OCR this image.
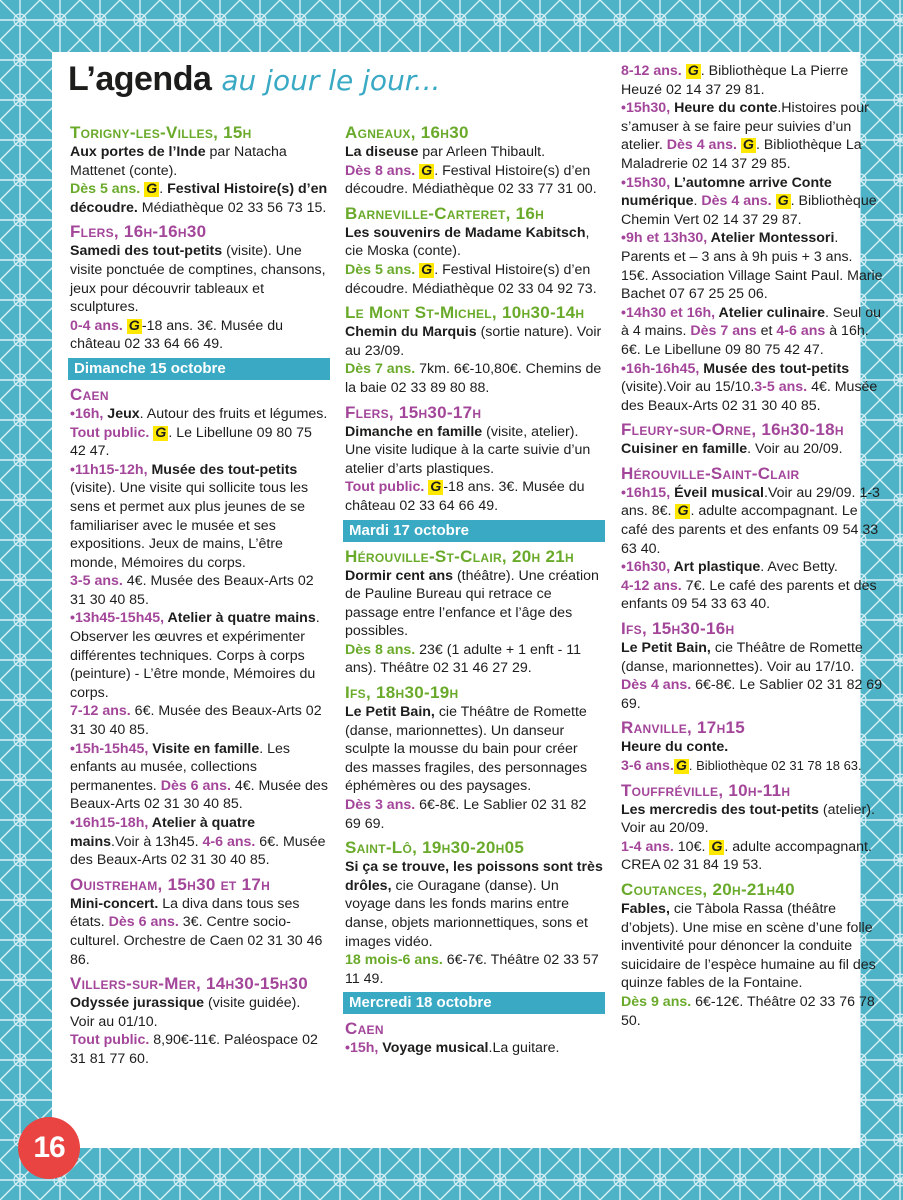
L’agenda au jour le jour...
Torigny-les-Villes, 15h
Aux portes de l’Inde par Natacha Mattenet (conte).
Dès 5 ans. G . Festival Histoire(s) d’en découdre. Médiathèque 02 33 56 73 15.
Flers, 16h-16h30
Samedi des tout-petits (visite). Une visite ponctuée de comptines, chansons, jeux pour découvrir tableaux et sculptures.
0-4 ans. G -18 ans. 3€. Musée du château 02 33 64 66 49.
Dimanche 15 octobre
Caen
•16h, Jeux. Autour des fruits et légumes. Tout public. G . Le Libellune 09 80 75 42 47.
•11h15-12h, Musée des tout-petits (visite). Une visite qui sollicite tous les sens et permet aux plus jeunes de se familiariser avec le musée et ses expositions. Jeux de mains, L’être monde, Mémoires du corps.
3-5 ans. 4€. Musée des Beaux-Arts 02 31 30 40 85.
•13h45-15h45, Atelier à quatre mains. Observer les œuvres et expérimenter différentes techniques. Corps à corps (peinture) - L’être monde, Mémoires du corps.
7-12 ans. 6€. Musée des Beaux-Arts 02 31 30 40 85.
•15h-15h45, Visite en famille. Les enfants au musée, collections permanentes. Dès 6 ans. 4€. Musée des Beaux-Arts 02 31 30 40 85.
•16h15-18h, Atelier à quatre mains.Voir à 13h45. 4-6 ans. 6€. Musée des Beaux-Arts 02 31 30 40 85.
Ouistreham, 15h30 et 17h
Mini-concert. La diva dans tous ses états. Dès 6 ans. 3€. Centre socio-culturel. Orchestre de Caen 02 31 30 46 86.
Villers-sur-Mer, 14h30-15h30
Odyssée jurassique (visite guidée). Voir au 01/10.
Tout public. 8,90€-11€. Paléospace 02 31 81 77 60.
Agneaux, 16h30
La diseuse par Arleen Thibault.
Dès 8 ans. G . Festival Histoire(s) d’en découdre. Médiathèque 02 33 77 31 00.
Barneville-Carteret, 16h
Les souvenirs de Madame Kabitsch, cie Moska (conte).
Dès 5 ans. G . Festival Histoire(s) d’en découdre. Médiathèque 02 33 04 92 73.
Le Mont St-Michel, 10h30-14h
Chemin du Marquis (sortie nature). Voir au 23/09.
Dès 7 ans. 7km. 6€-10,80€. Chemins de la baie 02 33 89 80 88.
Flers, 15h30-17h
Dimanche en famille (visite, atelier). Une visite ludique à la carte suivie d’un atelier d’arts plastiques.
Tout public. G -18 ans. 3€. Musée du château 02 33 64 66 49.
Mardi 17 octobre
Hérouville-St-Clair, 20h 21h
Dormir cent ans (théâtre). Une création de Pauline Bureau qui retrace ce passage entre l’enfance et l’âge des possibles.
Dès 8 ans. 23€ (1 adulte + 1 enft - 11 ans). Théâtre 02 31 46 27 29.
Ifs, 18h30-19h
Le Petit Bain, cie Théâtre de Romette (danse, marionnettes). Un danseur sculpte la mousse du bain pour créer des masses fragiles, des personnages éphémères ou des paysages.
Dès 3 ans. 6€-8€. Le Sablier 02 31 82 69 69.
Saint-Lô, 19h30-20h05
Si ça se trouve, les poissons sont très drôles, cie Ouragane (danse). Un voyage dans les fonds marins entre danse, objets marionnettiques, sons et images vidéo.
18 mois-6 ans. 6€-7€. Théâtre 02 33 57 11 49.
Mercredi 18 octobre
Caen
•15h, Voyage musical.La guitare.
8-12 ans. G . Bibliothèque La Pierre Heuzé 02 14 37 29 81.
•15h30, Heure du conte.Histoires pour s’amuser à se faire peur suivies d’un atelier. Dès 4 ans. G . Bibliothèque La Maladrerie 02 14 37 29 85.
•15h30, L’automne arrive Conte numérique. Dès 4 ans. G . Bibliothèque Chemin Vert 02 14 37 29 87.
•9h et 13h30, Atelier Montessori. Parents et – 3 ans à 9h puis + 3 ans. 15€. Association Village Saint Paul. Marie Bachet 07 67 25 25 06.
•14h30 et 16h, Atelier culinaire. Seul ou à 4 mains. Dès 7 ans et 4-6 ans à 16h. 6€. Le Libellune 09 80 75 42 47.
•16h-16h45, Musée des tout-petits (visite).Voir au 15/10.3-5 ans. 4€. Musée des Beaux-Arts 02 31 30 40 85.
Fleury-sur-Orne, 16h30-18h
Cuisiner en famille. Voir au 20/09.
Hérouville-Saint-Clair
•16h15, Éveil musical.Voir au 29/09. 1-3 ans. 8€. G . adulte accompagnant. Le café des parents et des enfants 09 54 33 63 40.
•16h30, Art plastique. Avec Betty.
4-12 ans. 7€. Le café des parents et des enfants 09 54 33 63 40.
Ifs, 15h30-16h
Le Petit Bain, cie Théâtre de Romette (danse, marionnettes). Voir au 17/10.
Dès 4 ans. 6€-8€. Le Sablier 02 31 82 69 69.
Ranville, 17h15
Heure du conte.
3-6 ans. G . Bibliothèque 02 31 78 18 63.
Touffréville, 10h-11h
Les mercredis des tout-petits (atelier). Voir au 20/09.
1-4 ans. 10€. G . adulte accompagnant. CREA 02 31 84 19 53.
Coutances, 20h-21h40
Fables, cie Tàbola Rassa (théâtre d’objets). Une mise en scène d’une folle inventivité pour dénoncer la conduite suicidaire de l’espèce humaine au fil des quinze fables de la Fontaine.
Dès 9 ans. 6€-12€. Théâtre 02 33 76 78 50.
16
